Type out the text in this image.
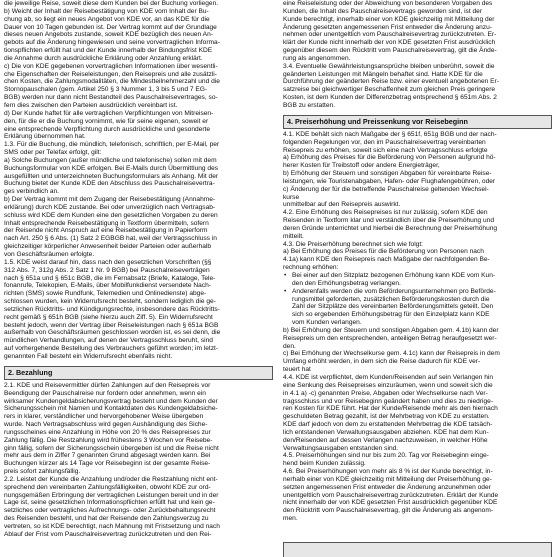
die jeweilige Reise, soweit diese dem Kunden bei der Buchung vorliegen.
b) Weicht der Inhalt der Reisebestätigung von KDE vom Inhalt der Bu-
chung ab, so liegt ein neues Angebot von KDE vor, an das KDE für die
Dauer von 10 Tagen gebunden ist. Der Vertrag kommt auf der Grundlage
dieses neuen Angebots zustande, soweit KDE bezüglich des neuen An-
gebots auf die Änderung hingewiesen und seine vorvertraglichen Informa-
tionspflichten erfüllt hat und der Kunde innerhalb der Bindungsfrist KDE
die Annahme durch ausdrückliche Erklärung oder Anzahlung erklärt.
c) Die von KDE gegebenen vorvertraglichen Informationen über wesentli-
che Eigenschaften der Reiseleistungen, den Reisepreis und alle zusätzli-
chen Kosten, die Zahlungsmodalitäten, die Mindestteilnehmerzahl und die
Stornopauschalen (gem. Artikel 250 § 3 Nummer 1, 3 bis 5 und 7 EG-
BGB) werden nur dann nicht Bestandteil des Pauschalreisevertrages, so-
fern dies zwischen den Parteien ausdrücklich vereinbart ist.
d) Der Kunde haftet für alle vertraglichen Verpflichtungen von Mitreisen-
den, für die er die Buchung vornimmt, wie für seine eigenen, soweit er
eine entsprechende Verpflichtung durch ausdrückliche und gesonderte
Erklärung übernommen hat.
1.3. Für die Buchung, die mündlich, telefonisch, schriftlich, per E-Mail, per
SMS oder per Telefax erfolgt, gilt:
a) Solche Buchungen (außer mündliche und telefonische) sollen mit dem
Buchungsformular von KDE erfolgen. Bei E-Mails durch Übermittlung des
ausgefüllten und unterzeichneten Buchungsformulars als Anhang. Mit der
Buchung bietet der Kunde KDE den Abschluss des Pauschalreisevertra-
ges verbindlich an.
b) Der Vertrag kommt mit dem Zugang der Reisebestätigung (Annahme-
erklärung) durch KDE zustande. Bei oder unverzüglich nach Vertragsab-
schluss wird KDE dem Kunden eine den gesetzlichen Vorgaben zu deren
Inhalt entsprechende Reisebestätigung in Textform übermitteln, sofern
der Reisende nicht Anspruch auf eine Reisebestätigung in Papierform
nach Art. 250 § 6 Abs. (1) Satz 2 EGBGB hat, weil der Vertragsschluss in
gleichzeitiger körperlicher Anwesenheit beider Parteien oder außerhalb
von Geschäftsräumen erfolgte.
1.5. KDE weist darauf hin, dass nach den gesetzlichen Vorschriften (§§
312 Abs. 7, 312g Abs. 2 Satz 1 Nr. 9 BGB) bei Pauschalreiseverträgen
nach § 651a und § 651c BGB, die im Fernabsatz (Briefe, Kataloge, Tele-
fonanrufe, Telekopien, E-Mails, über Mobilfunkdienst versendete Nach-
richten (SMS) sowie Rundfunk, Telemedien und Onlinedienste) abge-
schlossen wurden, kein Widerrufsrecht besteht, sondern lediglich die ge-
setzlichen Rücktritts- und Kündigungsrechte, insbesondere das Rücktritts-
recht gemäß § 651h BGB (siehe hierzu auch Ziff. 5). Ein Widerrufsrecht
besteht jedoch, wenn der Vertrag über Reiseleistungen nach § 651a BGB
außerhalb von Geschäftsräumen geschlossen worden ist, es sei denn, die
mündlichen Verhandlungen, auf denen der Vertragsschluss beruht, sind
auf vorhergehende Bestellung des Verbrauchers geführt worden; im letzt-
genannten Fall besteht ein Widerrufsrecht ebenfalls nicht.

2. Bezahlung

2.1. KDE und Reisevermittler dürfen Zahlungen auf den Reisepreis vor
Beendigung der Pauschalreise nur fordern oder annehmen, wenn ein
wirksamer Kundengeldabsicherungsvertrag besteht und dem Kunden der
Sicherungsschein mit Namen und Kontaktdaten des Kundengeldabsiche-
rers in klarer, verständlicher und hervorgehobener Weise übergeben
wurde. Nach Vertragsabschluss wird gegen Aushändigung des Siche-
rungsscheines eine Anzahlung in Höhe von 20 % des Reisepreises zur
Zahlung fällig. Die Restzahlung wird frühestens 3 Wochen vor Reisebe-
ginn fällig, sofern der Sicherungsschein übergeben ist und die Reise nicht
mehr aus dem in Ziffer 7 genannten Grund abgesagt werden kann. Bei
Buchungen kürzer als 14 Tage vor Reisebeginn ist der gesamte Reise-
preis sofort zahlungsfällig.
2.2. Leistet der Kunde die Anzahlung und/oder die Restzahlung nicht ent-
sprechend den vereinbarten Zahlungsfälligkeiten, obwohl KDE zur ord-
nungsgemäßen Erbringung der vertraglichen Leistungen bereit und in der
Lage ist, seine gesetzlichen Informationspflichten erfüllt hat und kein ge-
setzliches oder vertragliches Aufrechnungs- oder Zurückbehaltungsrecht
des Reisenden besteht, und hat der Reisende den Zahlungsverzug zu
vertreten, so ist KDE berechtigt, nach Mahnung mit Fristsetzung und nach
Ablauf der Frist vom Pauschalreisevertrag zurückzutreten und den Rei-

eine Reiseleistung oder der Abweichung von besonderen Vorgaben des
Kunden, die Inhalt des Pauschalreisevertrags geworden sind, ist der
Kunde berechtigt, innerhalb einer von KDE gleichzeitig mit Mitteilung der
Änderung gesetzten angemessenen Frist entweder die Änderung anzu-
nehmen oder unentgeltlich vom Pauschalreisevertrag zurückzutreten. Er-
klärt der Kunde nicht innerhalb der von KDE gesetzten Frist ausdrücklich
gegenüber diesem den Rücktritt vom Pauschalreisevertrag, gilt die Ände-
rung als angenommen.
3.4. Eventuelle Gewährleistungsansprüche bleiben unberührt, soweit die
geänderten Leistungen mit Mängeln behaftet sind. Hatte KDE für die
Durchführung der geänderten Reise bzw. einer eventuell angebotenen Er-
satzreise bei gleichwertiger Beschaffenheit zum gleichen Preis geringere
Kosten, ist dem Kunden der Differenzbetrag entsprechend § 651m Abs. 2
BGB zu erstatten.

4. Preiserhöhung und Preissenkung vor Reisebeginn

4.1. KDE behält sich nach Maßgabe der § 651f, 651g BGB und der nach-
folgenden Regelungen vor, den im Pauschalreisevertrag vereinbarten
Reisepreis zu erhöhen, soweit sich eine nach Vertragsschluss erfolgte
a) Erhöhung des Preises für die Beförderung von Personen aufgrund hö-
herer Kosten für Treibstoff oder andere Energieträger,
b) Erhöhung der Steuern und sonstigen Abgaben für vereinbarte Reise-
leistungen, wie Touristenabgaben, Hafen- oder Flughafengebühren, oder
c) Änderung der für die betreffende Pauschalreise geltenden Wechsel-
kurse
unmittelbar auf den Reisepreis auswirkt.
4.2. Eine Erhöhung des Reisepreises ist nur zulässig, sofern KDE den
Reisenden in Textform klar und verständlich über die Preiserhöhung und
deren Gründe unterrichtet und hierbei die Berechnung der Preiserhöhung
mitteilt.
4.3. Die Preiserhöhung berechnet sich wie folgt:
a) Bei Erhöhung des Preises für die Beförderung von Personen nach
4.1a) kann KDE den Reisepreis nach Maßgabe der nachfolgenden Be-
rechnung erhöhen:

• Bei einer auf den Sitzplatz bezogenen Erhöhung kann KDE vom Kun-
den den Erhöhungsbetrag verlangen.
• Anderenfalls werden die vom Beförderungsunternehmen pro Beförde-
rungsmittel geforderten, zusätzlichen Beförderungskosten durch die
Zahl der Sitzplätze des vereinbarten Beförderungsmittels geteilt. Den
sich so ergebenden Erhöhungsbetrag für den Einzelplatz kann KDE
vom Kunden verlangen.

b) Bei Erhöhung der Steuern und sonstigen Abgaben gem. 4.1b) kann der
Reisepreis um den entsprechenden, anteiligen Betrag heraufgesetzt wer-
den.
c) Bei Erhöhung der Wechselkurse gem. 4.1c) kann der Reisepreis in dem
Umfang erhöht werden, in dem sich die Reise dadurch für KDE ver-
teuert hat
4.4. KDE ist verpflichtet, dem Kunden/Reisenden auf sein Verlangen hin
eine Senkung des Reisepreises einzuräumen, wenn und soweit sich die
in 4.1 a) -c) genannten Preise, Abgaben oder Wechselkurse nach Ver-
tragsschluss und vor Reisebeginn geändert haben und dies zu niedrige-
ren Kosten für KDE führt. Hat der Kunde/Reisende mehr als den hiernach
geschuldeten Betrag gezahlt, ist der Mehrbetrag von KDE zu erstatten.
KDE darf jedoch von dem zu erstattenden Mehrbetrag die KDE tatsäch-
lich entstandenen Verwaltungsausgaben abziehen. KDE hat dem Kun-
den/Reisenden auf dessen Verlangen nachzuweisen, in welcher Höhe
Verwaltungsausgaben entstanden sind.
4.5. Preiserhöhungen sind nur bis zum 20. Tag vor Reisebeginn einge-
hend beim Kunden zulässig.
4.6. Bei Preiserhöhungen von mehr als 8 % ist der Kunde berechtigt, in-
nerhalb einer von KDE gleichzeitig mit Mitteilung der Preiserhöhung ge-
setzten angemessenen Frist entweder die Änderung anzunehmen oder
unentgeltlich vom Pauschalreisevertrag zurückzutreten. Erklärt der Kunde
nicht innerhalb der von KDE gesetzten Frist ausdrücklich gegenüber KDE
den Rücktritt vom Pauschalreisevertrag, gilt die Änderung als angenom-
men.
